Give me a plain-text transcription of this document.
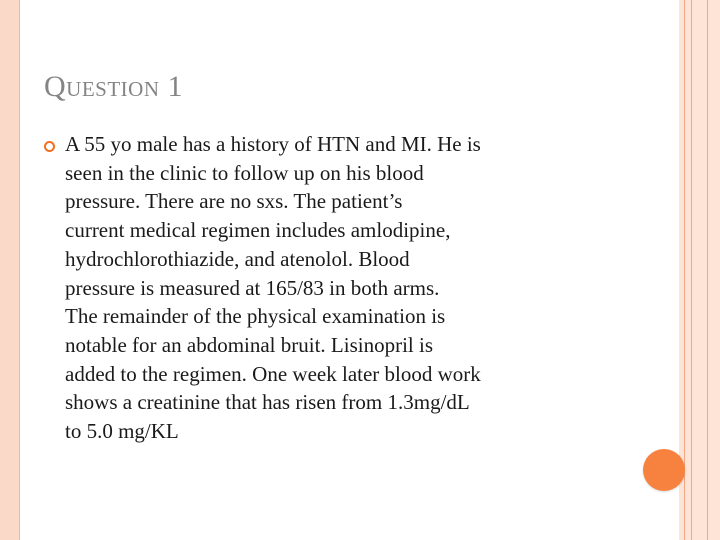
Question 1
A 55 yo male has a history of HTN and MI. He is
seen in the clinic to follow up on his blood
pressure. There are no sxs. The patient’s
current medical regimen includes amlodipine,
hydrochlorothiazide, and atenolol. Blood
pressure is measured at 165/83 in both arms.
The remainder of the physical examination is
notable for an abdominal bruit. Lisinopril is
added to the regimen. One week later blood work
shows a creatinine that has risen from 1.3mg/dL
to 5.0 mg/KL
